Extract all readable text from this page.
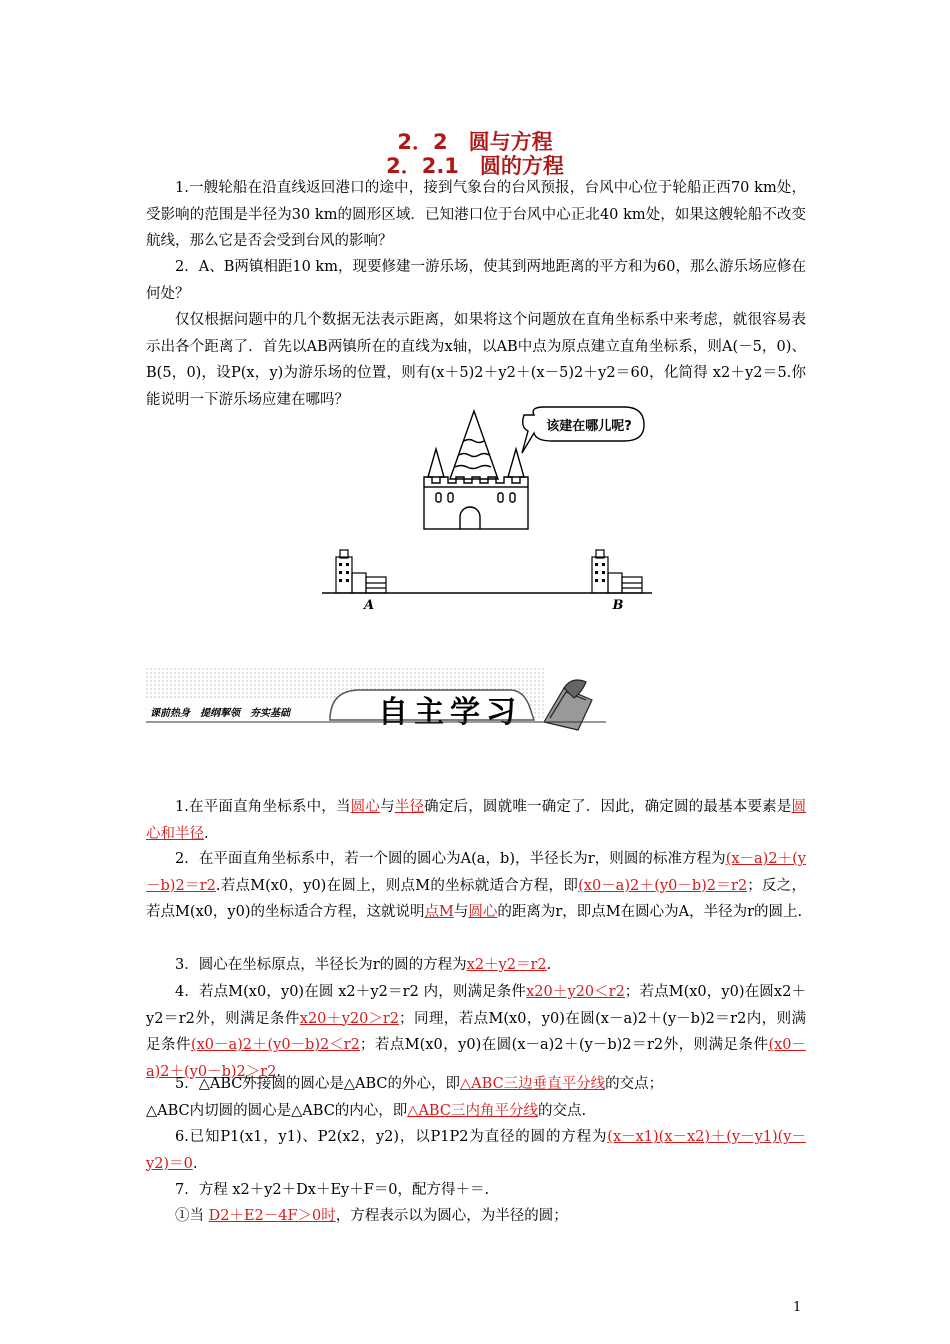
2．2　圆与方程
2．2.1　圆的方程

1.一艘轮船在沿直线返回港口的途中，接到气象台的台风预报，台风中心位于轮船正西70 km处，受影响的范围是半径为30 km的圆形区域．已知港口位于台风中心正北40 km处，如果这艘轮船不改变航线，那么它是否会受到台风的影响？

2．A、B两镇相距10 km，现要修建一游乐场，使其到两地距离的平方和为60，那么游乐场应修在何处？

仅仅根据问题中的几个数据无法表示距离，如果将这个问题放在直角坐标系中来考虑，就很容易表示出各个距离了．首先以AB两镇所在的直线为x轴，以AB中点为原点建立直角坐标系，则A(－5，0)、B(5，0)，设P(x，y)为游乐场的位置，则有(x＋5)2＋y2＋(x－5)2＋y2＝60，化简得 x2＋y2＝5.你能说明一下游乐场应建在哪吗？

该建在哪儿呢?
A	B
课前热身　提纲挈领　夯实基础	自主学习

1.在平面直角坐标系中，当圆心与半径确定后，圆就唯一确定了．因此，确定圆的最基本要素是圆心和半径.

2．在平面直角坐标系中，若一个圆的圆心为A(a，b)，半径长为r，则圆的标准方程为(x－a)2＋(y－b)2＝r2.若点M(x0，y0)在圆上，则点M的坐标就适合方程，即(x0－a)2＋(y0－b)2＝r2；反之，若点M(x0，y0)的坐标适合方程，这就说明点M与圆心的距离为r，即点M在圆心为A，半径为r的圆上.

3．圆心在坐标原点，半径长为r的圆的方程为x2＋y2＝r2.

4．若点M(x0，y0)在圆 x2＋y2＝r2 内，则满足条件x20＋y20＜r2；若点M(x0，y0)在圆x2＋y2＝r2外，则满足条件x20＋y20＞r2；同理，若点M(x0，y0)在圆(x－a)2＋(y－b)2＝r2内，则满足条件(x0－a)2＋(y0－b)2＜r2；若点M(x0，y0)在圆(x－a)2＋(y－b)2＝r2外，则满足条件(x0－a)2＋(y0－b)2＞r2.

5．△ABC外接圆的圆心是△ABC的外心，即△ABC三边垂直平分线的交点；
△ABC内切圆的圆心是△ABC的内心，即△ABC三内角平分线的交点.

6.已知P1(x1，y1)、P2(x2，y2)，以P1P2为直径的圆的方程为(x－x1)(x－x2)＋(y－y1)(y－y2)＝0.

7．方程 x2＋y2＋Dx＋Ey＋F＝0，配方得＋＝.

①当 D2＋E2－4F＞0时，方程表示以为圆心，为半径的圆；

1
